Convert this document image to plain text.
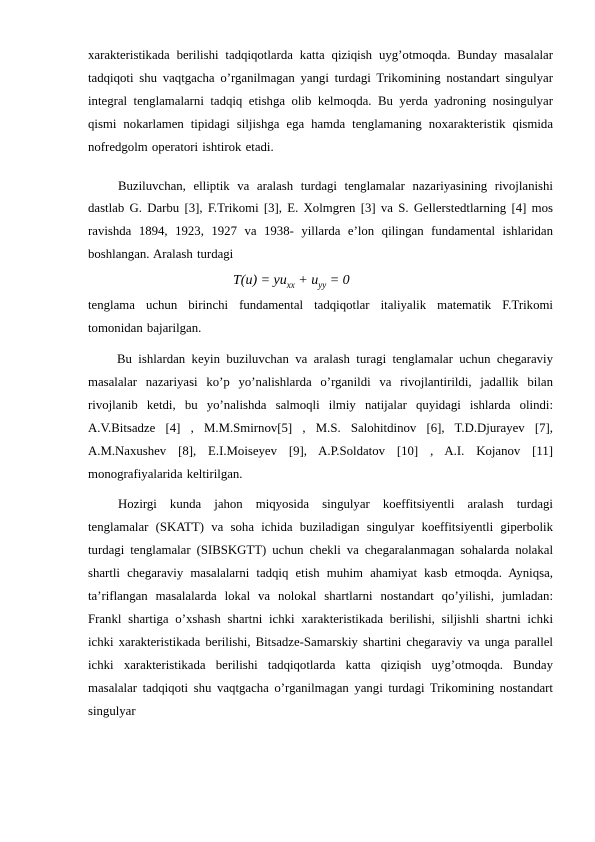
xarakteristikada berilishi tadqiqotlarda katta qiziqish uyg’otmoqda. Bunday masalalar tadqiqoti shu vaqtgacha o’rganilmagan yangi turdagi Trikomining nostandart singulyar integral tenglamalarni tadqiq etishga olib kelmoqda. Bu yerda yadroning nosingulyar qismi nokarlamen tipidagi siljishga ega hamda tenglamaning noxarakteristik qismida nofredgolm operatori ishtirok etadi.

Buziluvchan, elliptik va aralash turdagi tenglamalar nazariyasining rivojlanishi dastlab G. Darbu [3], F.Trikomi [3], E. Xolmgren [3] va S. Gellerstedtlarning [4] mos ravishda 1894, 1923, 1927 va 1938- yillarda e’lon qilingan fundamental ishlaridan boshlangan. Aralash turdagi

$T(u) = yu_{xx} + u_{yy} = 0$

tenglama uchun birinchi fundamental tadqiqotlar italiyalik matematik F.Trikomi tomonidan bajarilgan.

Bu ishlardan keyin buziluvchan va aralash turagi tenglamalar uchun chegaraviy masalalar nazariyasi ko’p yo’nalishlarda o’rganildi va rivojlantirildi, jadallik bilan rivojlanib ketdi, bu yo’nalishda salmoqli ilmiy natijalar quyidagi ishlarda olindi: A.V.Bitsadze [4] , M.M.Smirnov[5] , M.S. Salohitdinov [6], T.D.Djurayev [7], A.M.Naxushev [8], E.I.Moiseyev [9], A.P.Soldatov [10] , A.I. Kojanov [11] monografiyalarida keltirilgan.

Hozirgi kunda jahon miqyosida singulyar koeffitsiyentli aralash turdagi tenglamalar (SKATT) va soha ichida buziladigan singulyar koeffitsiyentli giperbolik turdagi tenglamalar (SIBSKGTT) uchun chekli va chegaralanmagan sohalarda nolakal shartli chegaraviy masalalarni tadqiq etish muhim ahamiyat kasb etmoqda. Ayniqsa, ta’riflangan masalalarda lokal va nolokal shartlarni nostandart qo’yilishi, jumladan: Frankl shartiga o’xshash shartni ichki xarakteristikada berilishi, siljishli shartni ichki ichki xarakteristikada berilishi, Bitsadze-Samarskiy shartini chegaraviy va unga parallel ichki xarakteristikada berilishi tadqiqotlarda katta qiziqish uyg’otmoqda. Bunday masalalar tadqiqoti shu vaqtgacha o’rganilmagan yangi turdagi Trikomining nostandart singulyar
